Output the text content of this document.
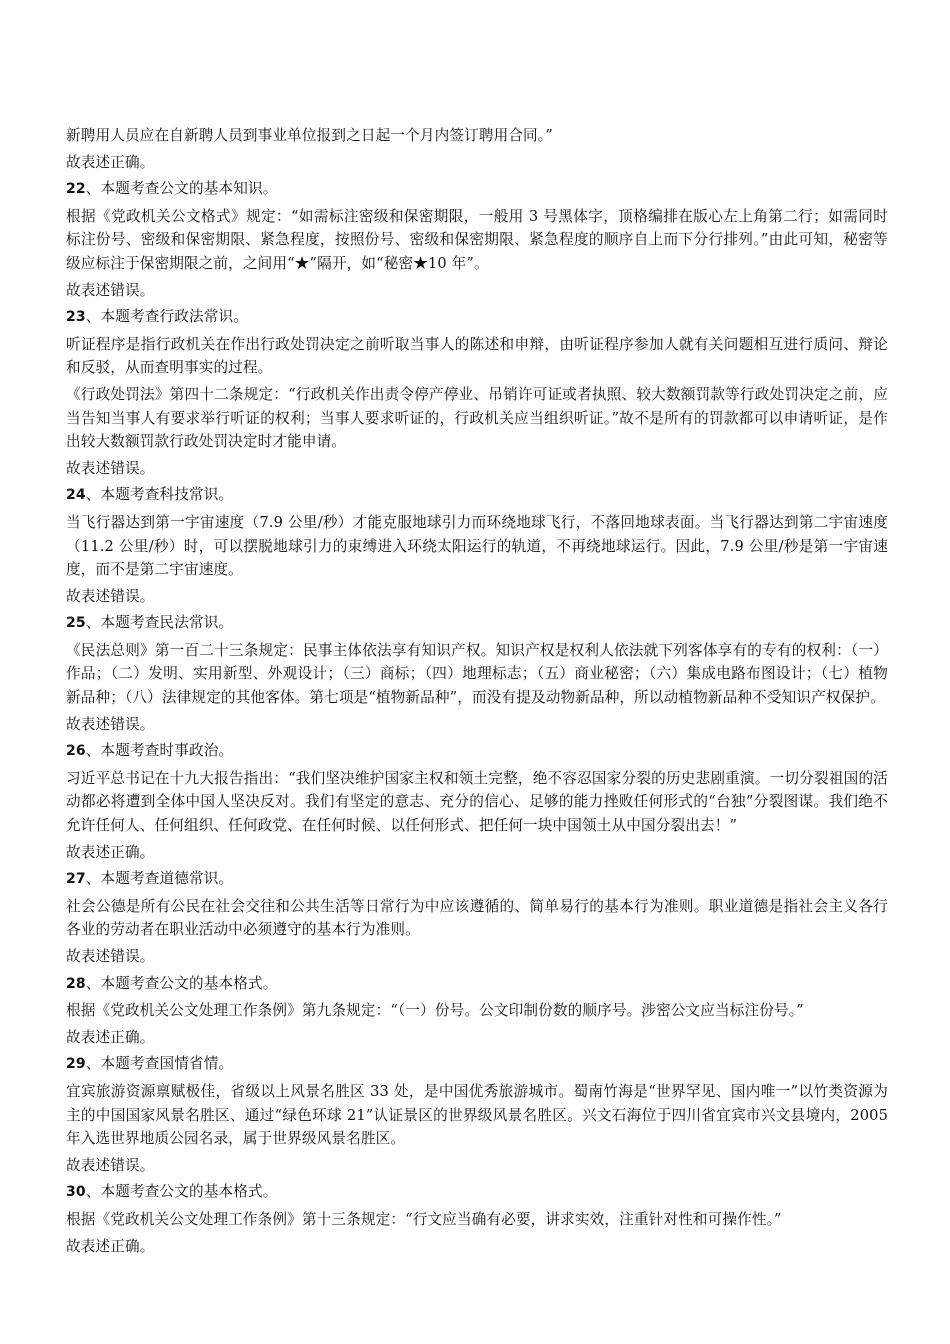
新聘用人员应在自新聘人员到事业单位报到之日起一个月内签订聘用合同。”
故表述正确。
22、本题考查公文的基本知识。
根据《党政机关公文格式》规定：“如需标注密级和保密期限，一般用 3 号黑体字，顶格编排在版心左上角第二行；如需同时标注份号、密级和保密期限、紧急程度，按照份号、密级和保密期限、紧急程度的顺序自上而下分行排列。”由此可知，秘密等级应标注于保密期限之前，之间用“★”隔开，如“秘密★10 年”。
故表述错误。
23、本题考查行政法常识。
听证程序是指行政机关在作出行政处罚决定之前听取当事人的陈述和申辩，由听证程序参加人就有关问题相互进行质问、辩论和反驳，从而查明事实的过程。
《行政处罚法》第四十二条规定：“行政机关作出责令停产停业、吊销许可证或者执照、较大数额罚款等行政处罚决定之前，应当告知当事人有要求举行听证的权利；当事人要求听证的，行政机关应当组织听证。”故不是所有的罚款都可以申请听证，是作出较大数额罚款行政处罚决定时才能申请。
故表述错误。
24、本题考查科技常识。
当飞行器达到第一宇宙速度（7.9 公里/秒）才能克服地球引力而环绕地球飞行，不落回地球表面。当飞行器达到第二宇宙速度（11.2 公里/秒）时，可以摆脱地球引力的束缚进入环绕太阳运行的轨道，不再绕地球运行。因此，7.9 公里/秒是第一宇宙速度，而不是第二宇宙速度。
故表述错误。
25、本题考查民法常识。
《民法总则》第一百二十三条规定：民事主体依法享有知识产权。知识产权是权利人依法就下列客体享有的专有的权利：（一）作品；（二）发明、实用新型、外观设计；（三）商标；（四）地理标志；（五）商业秘密；（六）集成电路布图设计；（七）植物新品种；（八）法律规定的其他客体。第七项是“植物新品种”，而没有提及动物新品种，所以动植物新品种不受知识产权保护。
故表述错误。
26、本题考查时事政治。
习近平总书记在十九大报告指出：“我们坚决维护国家主权和领土完整，绝不容忍国家分裂的历史悲剧重演。一切分裂祖国的活动都必将遭到全体中国人坚决反对。我们有坚定的意志、充分的信心、足够的能力挫败任何形式的“台独”分裂图谋。我们绝不允许任何人、任何组织、任何政党、在任何时候、以任何形式、把任何一块中国领土从中国分裂出去！”
故表述正确。
27、本题考查道德常识。
社会公德是所有公民在社会交往和公共生活等日常行为中应该遵循的、简单易行的基本行为准则。职业道德是指社会主义各行各业的劳动者在职业活动中必须遵守的基本行为准则。
故表述错误。
28、本题考查公文的基本格式。
根据《党政机关公文处理工作条例》第九条规定：“（一）份号。公文印制份数的顺序号。涉密公文应当标注份号。”
故表述正确。
29、本题考查国情省情。
宜宾旅游资源禀赋极佳，省级以上风景名胜区 33 处，是中国优秀旅游城市。蜀南竹海是“世界罕见、国内唯一”以竹类资源为主的中国国家风景名胜区、通过“绿色环球 21”认证景区的世界级风景名胜区。兴文石海位于四川省宜宾市兴文县境内，2005 年入选世界地质公园名录，属于世界级风景名胜区。
故表述错误。
30、本题考查公文的基本格式。
根据《党政机关公文处理工作条例》第十三条规定：“行文应当确有必要，讲求实效，注重针对性和可操作性。”
故表述正确。
